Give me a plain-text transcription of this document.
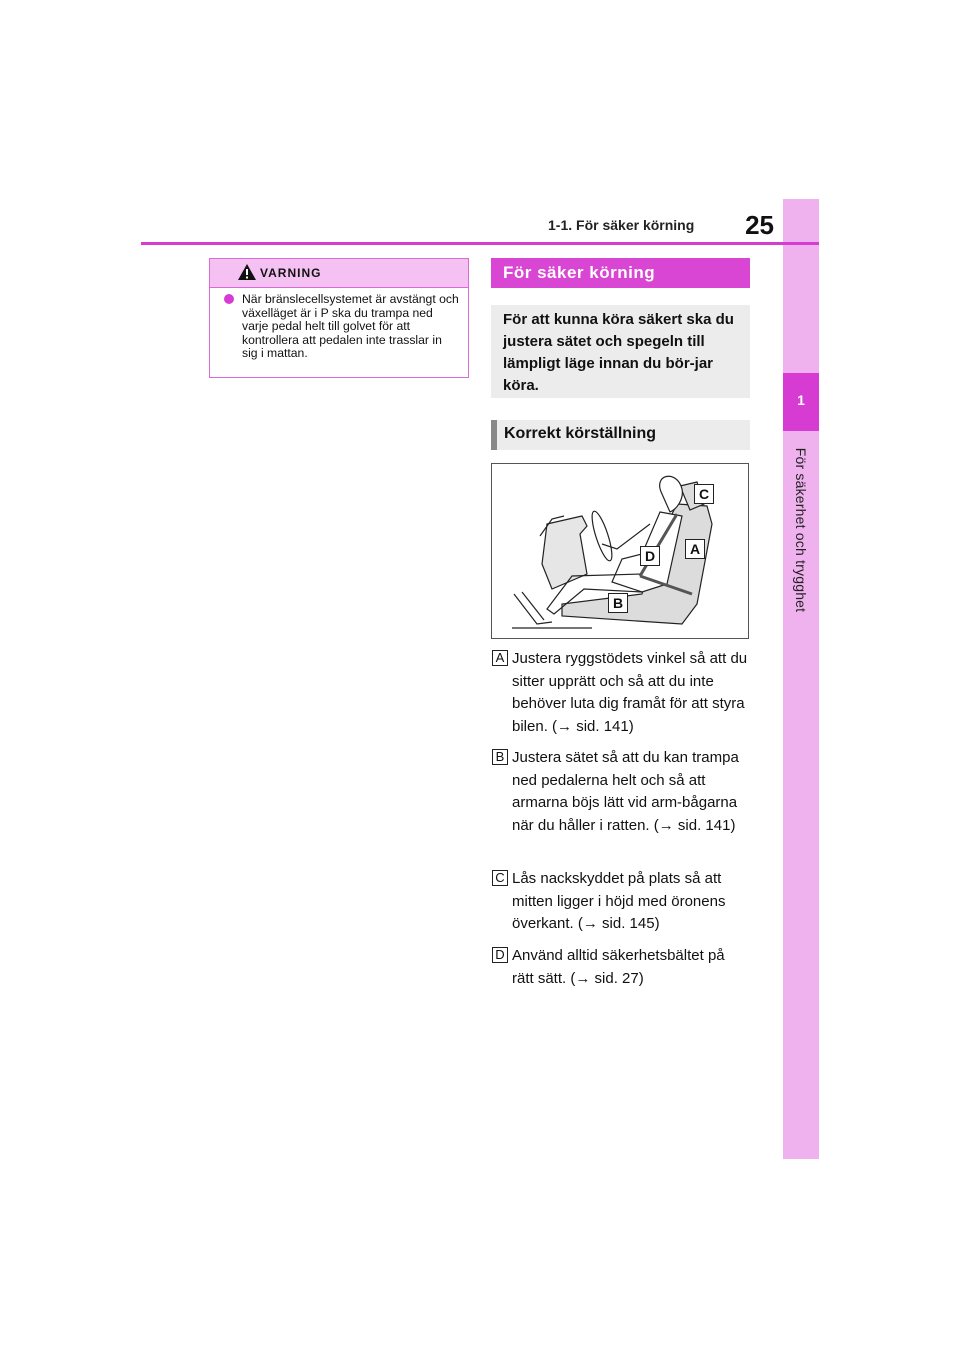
1
För säkerhet och trygghet
1-1. För säker körning	25
VARNING
När bränslecellsystemet är avstängt och växelläget är i P ska du trampa ned varje pedal helt till golvet för att kontrollera att pedalen inte trasslar in sig i mattan.
För säker körning

För att kunna köra säkert ska du justera sätet och spegeln till lämpligt läge innan du bör-jar köra.

Korrekt körställning
C
A
D
B
A Justera ryggstödets vinkel så att du sitter upprätt och så att du inte behöver luta dig framåt för att styra bilen. (→ sid. 141)
B Justera sätet så att du kan trampa ned pedalerna helt och så att armarna böjs lätt vid arm-bågarna när du håller i ratten. (→ sid. 141)
C Lås nackskyddet på plats så att mitten ligger i höjd med öronens överkant. (→ sid. 145)
D Använd alltid säkerhetsbältet på rätt sätt. (→ sid. 27)
